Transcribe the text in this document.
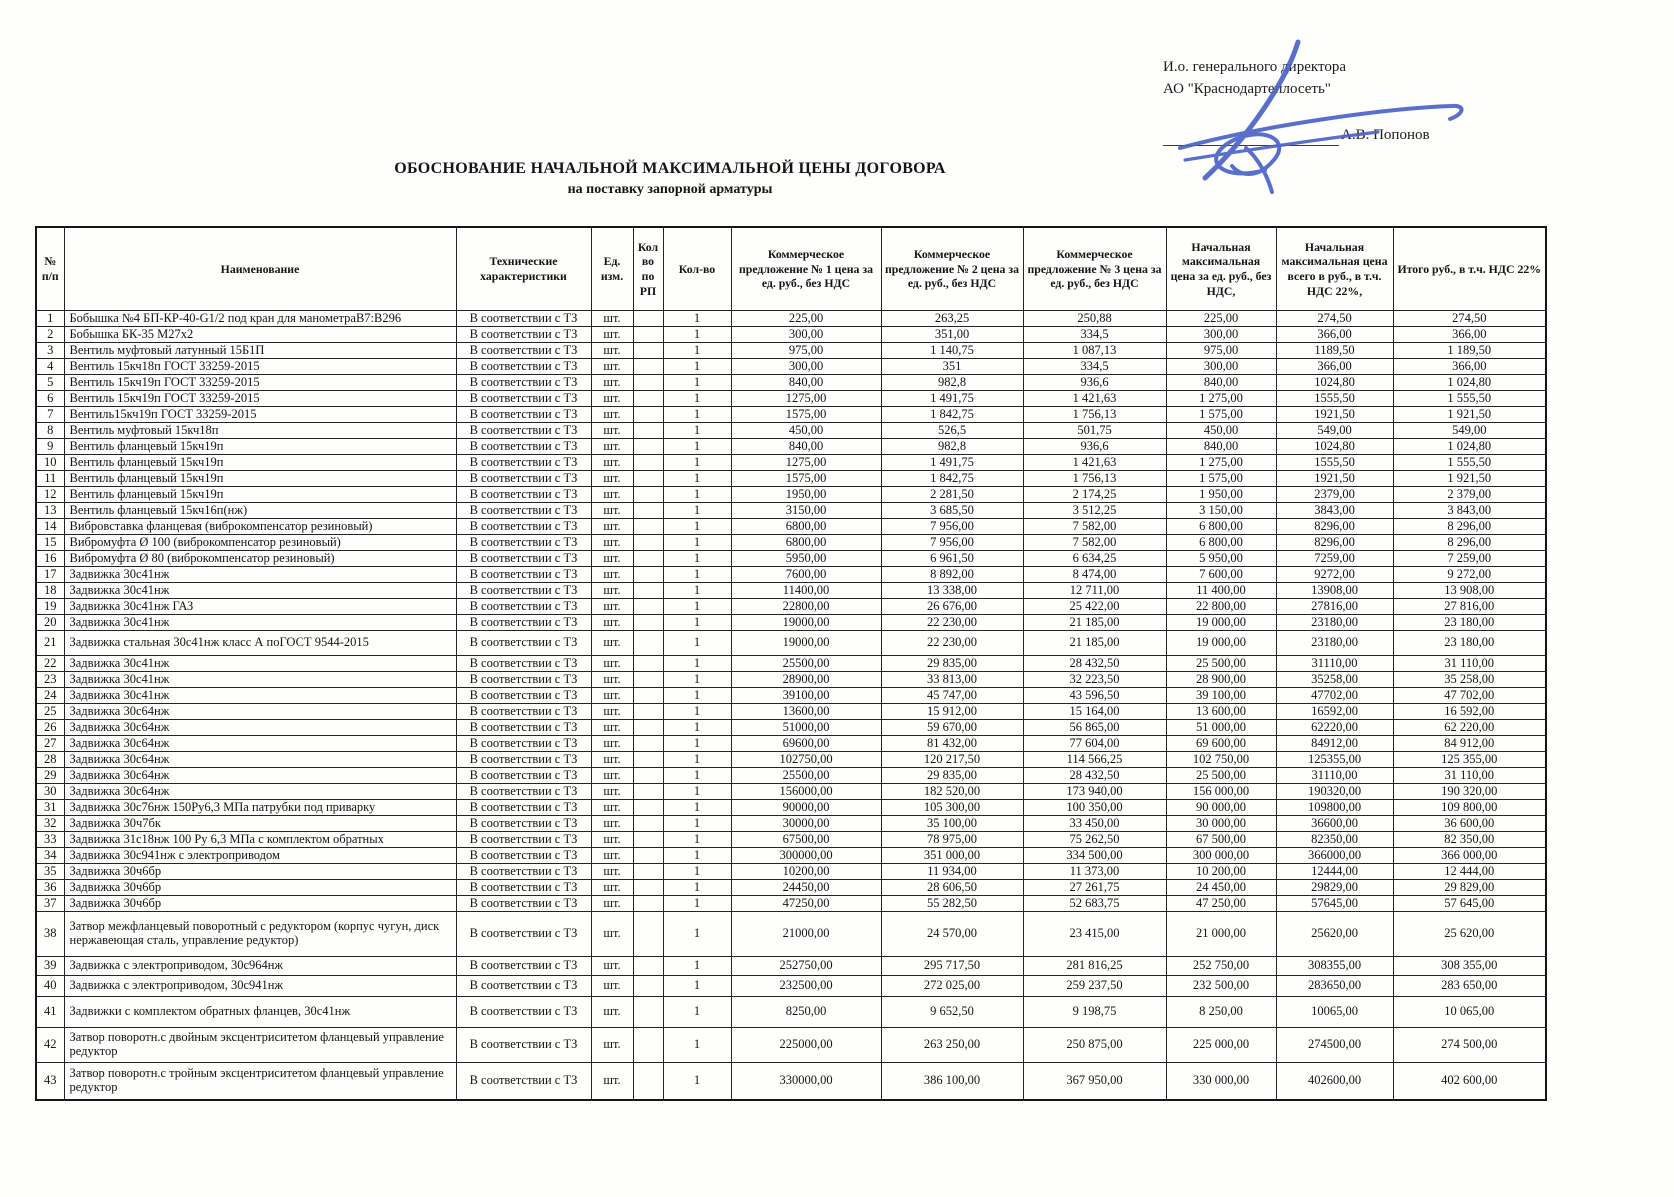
И.о. генерального директора
АО "Краснодартеплосеть"
А.В. Попонов
ОБОСНОВАНИЕ НАЧАЛЬНОЙ МАКСИМАЛЬНОЙ ЦЕНЫ ДОГОВОРА
на поставку запорной арматуры
№ п/п	Наименование	Технические характеристики	Ед. изм.	Кол во по РП	Кол-во	Коммерческое предложение № 1 цена за ед. руб., без НДС	Коммерческое предложение № 2 цена за ед. руб., без НДС	Коммерческое предложение № 3 цена за ед. руб., без НДС	Начальная максимальная цена за ед. руб., без НДС,	Начальная максимальная цена всего в руб., в т.ч. НДС 22%,	Итого руб., в т.ч. НДС 22%
1	Бобышка №4 БП-КР-40-G1/2 под кран для манометраВ7:В296	В соответствии с ТЗ	шт.		1	225,00	263,25	250,88	225,00	274,50	274,50
2	Бобышка БК-35 М27х2	В соответствии с ТЗ	шт.		1	300,00	351,00	334,5	300,00	366,00	366,00
3	Вентиль муфтовый латунный 15Б1П	В соответствии с ТЗ	шт.		1	975,00	1 140,75	1 087,13	975,00	1189,50	1 189,50
4	Вентиль 15кч18п ГОСТ 33259-2015	В соответствии с ТЗ	шт.		1	300,00	351	334,5	300,00	366,00	366,00
5	Вентиль 15кч19п ГОСТ 33259-2015	В соответствии с ТЗ	шт.		1	840,00	982,8	936,6	840,00	1024,80	1 024,80
6	Вентиль 15кч19п ГОСТ 33259-2015	В соответствии с ТЗ	шт.		1	1275,00	1 491,75	1 421,63	1 275,00	1555,50	1 555,50
7	Вентиль15кч19п ГОСТ 33259-2015	В соответствии с ТЗ	шт.		1	1575,00	1 842,75	1 756,13	1 575,00	1921,50	1 921,50
8	Вентиль муфтовый 15кч18п	В соответствии с ТЗ	шт.		1	450,00	526,5	501,75	450,00	549,00	549,00
9	Вентиль фланцевый 15кч19п	В соответствии с ТЗ	шт.		1	840,00	982,8	936,6	840,00	1024,80	1 024,80
10	Вентиль фланцевый 15кч19п	В соответствии с ТЗ	шт.		1	1275,00	1 491,75	1 421,63	1 275,00	1555,50	1 555,50
11	Вентиль фланцевый 15кч19п	В соответствии с ТЗ	шт.		1	1575,00	1 842,75	1 756,13	1 575,00	1921,50	1 921,50
12	Вентиль фланцевый 15кч19п	В соответствии с ТЗ	шт.		1	1950,00	2 281,50	2 174,25	1 950,00	2379,00	2 379,00
13	Вентиль фланцевый 15кч16п(нж)	В соответствии с ТЗ	шт.		1	3150,00	3 685,50	3 512,25	3 150,00	3843,00	3 843,00
14	Вибровставка фланцевая (виброкомпенсатор резиновый)	В соответствии с ТЗ	шт.		1	6800,00	7 956,00	7 582,00	6 800,00	8296,00	8 296,00
15	Вибромуфта Ø 100 (виброкомпенсатор резиновый)	В соответствии с ТЗ	шт.		1	6800,00	7 956,00	7 582,00	6 800,00	8296,00	8 296,00
16	Вибромуфта Ø 80 (виброкомпенсатор резиновый)	В соответствии с ТЗ	шт.		1	5950,00	6 961,50	6 634,25	5 950,00	7259,00	7 259,00
17	Задвижка 30с41нж	В соответствии с ТЗ	шт.		1	7600,00	8 892,00	8 474,00	7 600,00	9272,00	9 272,00
18	Задвижка 30с41нж	В соответствии с ТЗ	шт.		1	11400,00	13 338,00	12 711,00	11 400,00	13908,00	13 908,00
19	Задвижка 30с41нж ГАЗ	В соответствии с ТЗ	шт.		1	22800,00	26 676,00	25 422,00	22 800,00	27816,00	27 816,00
20	Задвижка 30с41нж	В соответствии с ТЗ	шт.		1	19000,00	22 230,00	21 185,00	19 000,00	23180,00	23 180,00
21	Задвижка стальная 30с41нж класс А поГОСТ 9544-2015	В соответствии с ТЗ	шт.		1	19000,00	22 230,00	21 185,00	19 000,00	23180,00	23 180,00
22	Задвижка 30с41нж	В соответствии с ТЗ	шт.		1	25500,00	29 835,00	28 432,50	25 500,00	31110,00	31 110,00
23	Задвижка 30с41нж	В соответствии с ТЗ	шт.		1	28900,00	33 813,00	32 223,50	28 900,00	35258,00	35 258,00
24	Задвижка 30с41нж	В соответствии с ТЗ	шт.		1	39100,00	45 747,00	43 596,50	39 100,00	47702,00	47 702,00
25	Задвижка 30с64нж	В соответствии с ТЗ	шт.		1	13600,00	15 912,00	15 164,00	13 600,00	16592,00	16 592,00
26	Задвижка 30с64нж	В соответствии с ТЗ	шт.		1	51000,00	59 670,00	56 865,00	51 000,00	62220,00	62 220,00
27	Задвижка 30с64нж	В соответствии с ТЗ	шт.		1	69600,00	81 432,00	77 604,00	69 600,00	84912,00	84 912,00
28	Задвижка 30с64нж	В соответствии с ТЗ	шт.		1	102750,00	120 217,50	114 566,25	102 750,00	125355,00	125 355,00
29	Задвижка 30с64нж	В соответствии с ТЗ	шт.		1	25500,00	29 835,00	28 432,50	25 500,00	31110,00	31 110,00
30	Задвижка 30с64нж	В соответствии с ТЗ	шт.		1	156000,00	182 520,00	173 940,00	156 000,00	190320,00	190 320,00
31	Задвижка 30с76нж 150Ру6,3 МПа патрубки под приварку	В соответствии с ТЗ	шт.		1	90000,00	105 300,00	100 350,00	90 000,00	109800,00	109 800,00
32	Задвижка 30ч7бк	В соответствии с ТЗ	шт.		1	30000,00	35 100,00	33 450,00	30 000,00	36600,00	36 600,00
33	Задвижка 31с18нж 100 Ру 6,3 МПа с комплектом обратных	В соответствии с ТЗ	шт.		1	67500,00	78 975,00	75 262,50	67 500,00	82350,00	82 350,00
34	Задвижка 30с941нж с электроприводом	В соответствии с ТЗ	шт.		1	300000,00	351 000,00	334 500,00	300 000,00	366000,00	366 000,00
35	Задвижка 30ч6бр	В соответствии с ТЗ	шт.		1	10200,00	11 934,00	11 373,00	10 200,00	12444,00	12 444,00
36	Задвижка 30ч6бр	В соответствии с ТЗ	шт.		1	24450,00	28 606,50	27 261,75	24 450,00	29829,00	29 829,00
37	Задвижка 30ч6бр	В соответствии с ТЗ	шт.		1	47250,00	55 282,50	52 683,75	47 250,00	57645,00	57 645,00
38	Затвор межфланцевый поворотный с редуктором (корпус чугун, диск нержавеющая сталь, управление редуктор)	В соответствии с ТЗ	шт.		1	21000,00	24 570,00	23 415,00	21 000,00	25620,00	25 620,00
39	Задвижка с электроприводом, 30с964нж	В соответствии с ТЗ	шт.		1	252750,00	295 717,50	281 816,25	252 750,00	308355,00	308 355,00
40	Задвижка с электроприводом, 30с941нж	В соответствии с ТЗ	шт.		1	232500,00	272 025,00	259 237,50	232 500,00	283650,00	283 650,00
41	Задвижки с комплектом обратных фланцев, 30с41нж	В соответствии с ТЗ	шт.		1	8250,00	9 652,50	9 198,75	8 250,00	10065,00	10 065,00
42	Затвор поворотн.с двойным эксцентриситетом фланцевый управление редуктор	В соответствии с ТЗ	шт.		1	225000,00	263 250,00	250 875,00	225 000,00	274500,00	274 500,00
43	Затвор поворотн.с тройным эксцентриситетом фланцевый управление редуктор	В соответствии с ТЗ	шт.		1	330000,00	386 100,00	367 950,00	330 000,00	402600,00	402 600,00
